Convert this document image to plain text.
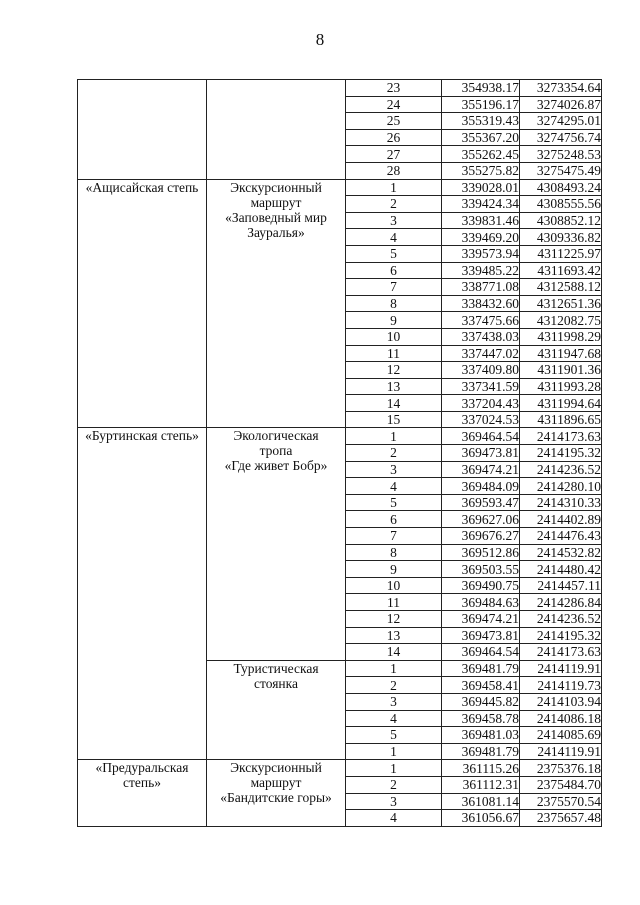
8
		23	354938.17	3273354.64
		24	355196.17	3274026.87
		25	355319.43	3274295.01
		26	355367.20	3274756.74
		27	355262.45	3275248.53
		28	355275.82	3275475.49
«Ащисайская степь	Экскурсионный
маршрут
«Заповедный мир
Зауралья»	1	339028.01	4308493.24
		2	339424.34	4308555.56
		3	339831.46	4308852.12
		4	339469.20	4309336.82
		5	339573.94	4311225.97
		6	339485.22	4311693.42
		7	338771.08	4312588.12
		8	338432.60	4312651.36
		9	337475.66	4312082.75
		10	337438.03	4311998.29
		11	337447.02	4311947.68
		12	337409.80	4311901.36
		13	337341.59	4311993.28
		14	337204.43	4311994.64
		15	337024.53	4311896.65
«Буртинская степь»	Экологическая
тропа
«Где живет Бобр»	1	369464.54	2414173.63
		2	369473.81	2414195.32
		3	369474.21	2414236.52
		4	369484.09	2414280.10
		5	369593.47	2414310.33
		6	369627.06	2414402.89
		7	369676.27	2414476.43
		8	369512.86	2414532.82
		9	369503.55	2414480.42
		10	369490.75	2414457.11
		11	369484.63	2414286.84
		12	369474.21	2414236.52
		13	369473.81	2414195.32
		14	369464.54	2414173.63
	Туристическая
стоянка	1	369481.79	2414119.91
		2	369458.41	2414119.73
		3	369445.82	2414103.94
		4	369458.78	2414086.18
		5	369481.03	2414085.69
		1	369481.79	2414119.91
«Предуральская
степь»	Экскурсионный
маршрут
«Бандитские горы»	1	361115.26	2375376.18
		2	361112.31	2375484.70
		3	361081.14	2375570.54
		4	361056.67	2375657.48
